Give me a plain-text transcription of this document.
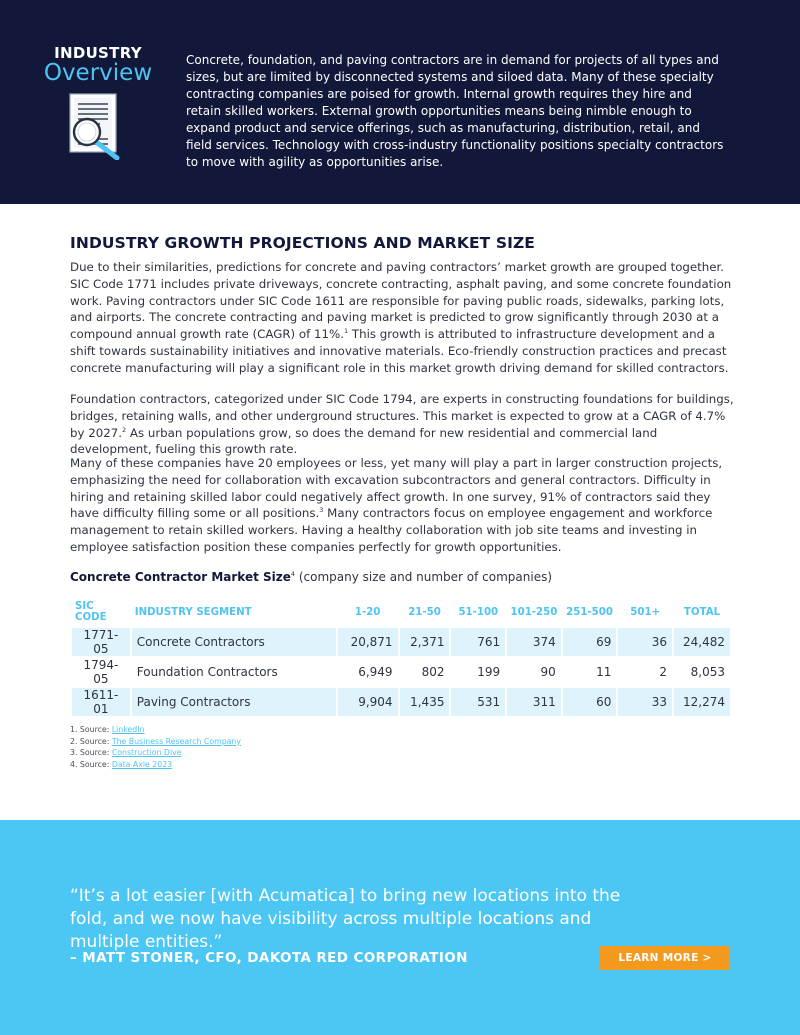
INDUSTRY
Overview	Concrete, foundation, and paving contractors are in demand for projects of all types and sizes, but are limited by disconnected systems and siloed data. Many of these specialty contracting companies are poised for growth. Internal growth requires they hire and retain skilled workers. External growth opportunities means being nimble enough to expand product and service offerings, such as manufacturing, distribution, retail, and field services. Technology with cross-industry functionality positions specialty contractors to move with agility as opportunities arise.
INDUSTRY GROWTH PROJECTIONS AND MARKET SIZE
Due to their similarities, predictions for concrete and paving contractors’ market growth are grouped together. SIC Code 1771 includes private driveways, concrete contracting, asphalt paving, and some concrete foundation work. Paving contractors under SIC Code 1611 are responsible for paving public roads, sidewalks, parking lots, and airports. The concrete contracting and paving market is predicted to grow significantly through 2030 at a compound annual growth rate (CAGR) of 11%.$^1$ This growth is attributed to infrastructure development and a shift towards sustainability initiatives and innovative materials. Eco-friendly construction practices and precast concrete manufacturing will play a significant role in this market growth driving demand for skilled contractors.
Foundation contractors, categorized under SIC Code 1794, are experts in constructing foundations for buildings, bridges, retaining walls, and other underground structures. This market is expected to grow at a CAGR of 4.7% by 2027.$^2$ As urban populations grow, so does the demand for new residential and commercial land development, fueling this growth rate.
Many of these companies have 20 employees or less, yet many will play a part in larger construction projects, emphasizing the need for collaboration with excavation subcontractors and general contractors. Difficulty in hiring and retaining skilled labor could negatively affect growth. In one survey, 91% of contractors said they have difficulty filling some or all positions.$^3$ Many contractors focus on employee engagement and workforce management to retain skilled workers. Having a healthy collaboration with job site teams and investing in employee satisfaction position these companies perfectly for growth opportunities.
Concrete Contractor Market Size$^4$ (company size and number of companies)
SIC CODE	INDUSTRY SEGMENT	1-20	21-50	51-100	101-250	251-500	501+	TOTAL
1771-05	Concrete Contractors	20,871	2,371	761	374	69	36	24,482
1794-05	Foundation Contractors	6,949	802	199	90	11	2	8,053
1611-01	Paving Contractors	9,904	1,435	531	311	60	33	12,274
1. Source: LinkedIn
2. Source: The Business Research Company
3. Source: Construction Dive
4. Source: Data Axle 2023
“It’s a lot easier [with Acumatica] to bring new locations into the fold, and we now have visibility across multiple locations and multiple entities.”
– MATT STONER, CFO, DAKOTA RED CORPORATION	LEARN MORE >
